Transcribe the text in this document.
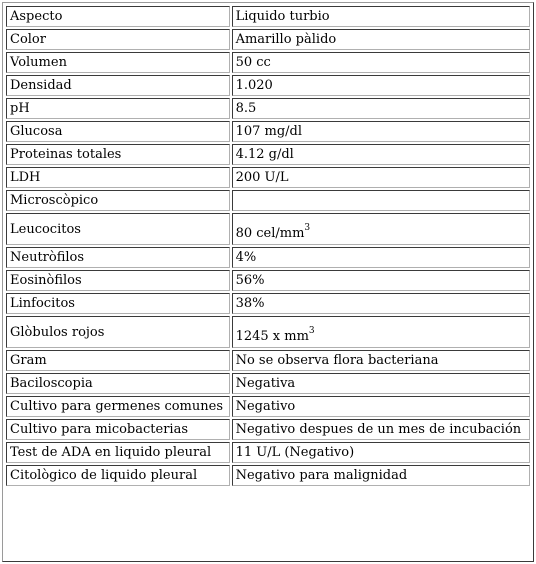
Aspecto	Liquido turbio
Color	Amarillo pàlido
Volumen	50 cc
Densidad	1.020
pH	8.5
Glucosa	107 mg/dl
Proteinas totales	4.12 g/dl
LDH	200 U/L
Microscòpico	
Leucocitos	80 cel/$mm^3$
Neutròfilos	4%
Eosinòfilos	56%
Linfocitos	38%
Glòbulos rojos	1245 x $mm^3$
Gram	No se observa flora bacteriana
Baciloscopia	Negativa
Cultivo para germenes comunes	Negativo
Cultivo para micobacterias	Negativo despues de un mes de incubación
Test de ADA en liquido pleural	11 U/L (Negativo)
Citològico de liquido pleural	Negativo para malignidad
